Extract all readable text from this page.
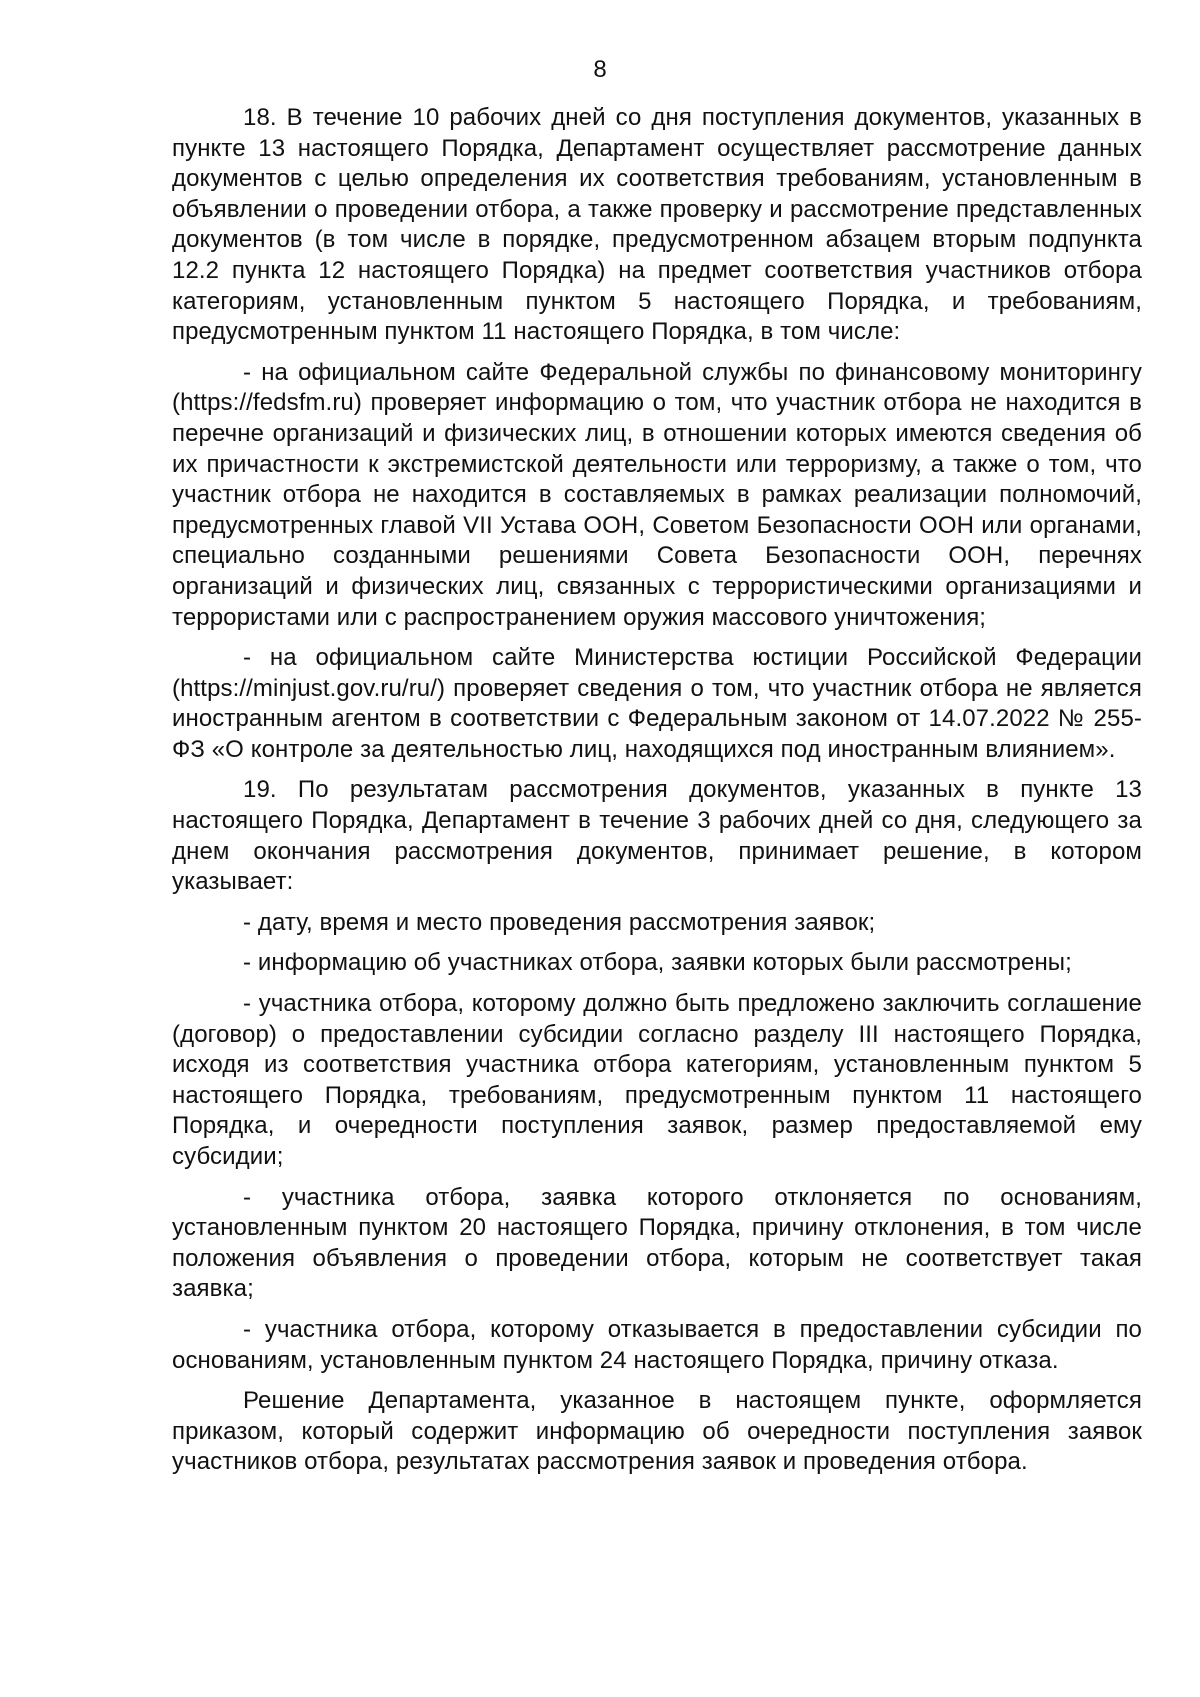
8

18. В течение 10 рабочих дней со дня поступления документов, указанных в пункте 13 настоящего Порядка, Департамент осуществляет рассмотрение данных документов с целью определения их соответствия требованиям, установленным в объявлении о проведении отбора, а также проверку и рассмотрение представленных документов (в том числе в порядке, предусмотренном абзацем вторым подпункта 12.2 пункта 12 настоящего Порядка) на предмет соответствия участников отбора категориям, установленным пунктом 5 настоящего Порядка, и требованиям, предусмотренным пунктом 11 настоящего Порядка, в том числе:

- на официальном сайте Федеральной службы по финансовому мониторингу (https://fedsfm.ru) проверяет информацию о том, что участник отбора не находится в перечне организаций и физических лиц, в отношении которых имеются сведения об их причастности к экстремистской деятельности или терроризму, а также о том, что участник отбора не находится в составляемых в рамках реализации полномочий, предусмотренных главой VII Устава ООН, Советом Безопасности ООН или органами, специально созданными решениями Совета Безопасности ООН, перечнях организаций и физических лиц, связанных с террористическими организациями и террористами или с распространением оружия массового уничтожения;

- на официальном сайте Министерства юстиции Российской Федерации (https://minjust.gov.ru/ru/) проверяет сведения о том, что участник отбора не является иностранным агентом в соответствии с Федеральным законом от 14.07.2022 № 255-ФЗ «О контроле за деятельностью лиц, находящихся под иностранным влиянием».

19. По результатам рассмотрения документов, указанных в пункте 13 настоящего Порядка, Департамент в течение 3 рабочих дней со дня, следующего за днем окончания рассмотрения документов, принимает решение, в котором указывает:

- дату, время и место проведения рассмотрения заявок;

- информацию об участниках отбора, заявки которых были рассмотрены;

- участника отбора, которому должно быть предложено заключить соглашение (договор) о предоставлении субсидии согласно разделу III настоящего Порядка, исходя из соответствия участника отбора категориям, установленным пунктом 5 настоящего Порядка, требованиям, предусмотренным пунктом 11 настоящего Порядка, и очередности поступления заявок, размер предоставляемой ему субсидии;

- участника отбора, заявка которого отклоняется по основаниям, установленным пунктом 20 настоящего Порядка, причину отклонения, в том числе положения объявления о проведении отбора, которым не соответствует такая заявка;

- участника отбора, которому отказывается в предоставлении субсидии по основаниям, установленным пунктом 24 настоящего Порядка, причину отказа.

Решение Департамента, указанное в настоящем пункте, оформляется приказом, который содержит информацию об очередности поступления заявок участников отбора, результатах рассмотрения заявок и проведения отбора.
